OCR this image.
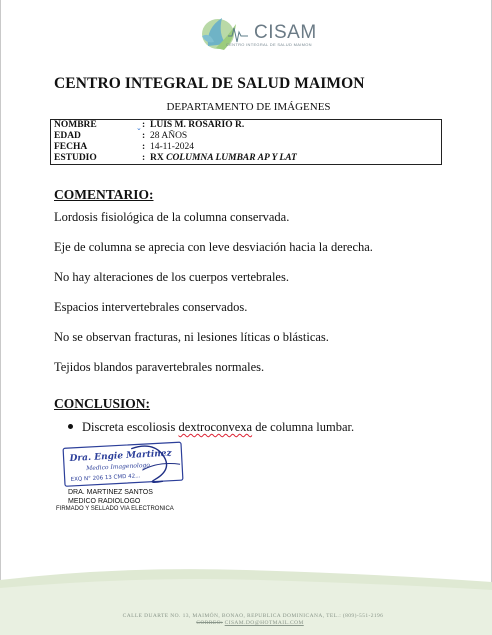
CISAM
CENTRO INTEGRAL DE SALUD MAIMON
CENTRO INTEGRAL DE SALUD MAIMON
DEPARTAMENTO DE IMÁGENES
NOMBRE	⌄ : LUIS M. ROSARIO R.
EDAD	: 28 AÑOS
FECHA	: 14-11-2024
ESTUDIO	: RX COLUMNA LUMBAR AP Y LAT
COMENTARIO:
Lordosis fisiológica de la columna conservada.
Eje de columna se aprecia con leve desviación hacia la derecha.
No hay alteraciones de los cuerpos vertebrales.
Espacios intervertebrales conservados.
No se observan fracturas, ni lesiones líticas o blásticas.
Tejidos blandos paravertebrales normales.
CONCLUSION:
Discreta escoliosis dextroconvexa de columna lumbar.
Dra. Engie Martinez
Medico Imagenologo
EXQ N° 206 13 CMD 42...
DRA. MARTINEZ SANTOS
MEDICO RADIOLOGO
FIRMADO Y SELLADO VIA ELECTRONICA
CALLE DUARTE NO. 13, MAIMÓN, BONAO, REPUBLICA DOMINICANA, TEL.: (809)-551-2196
CORREO: CISAM.DO@HOTMAIL.COM
